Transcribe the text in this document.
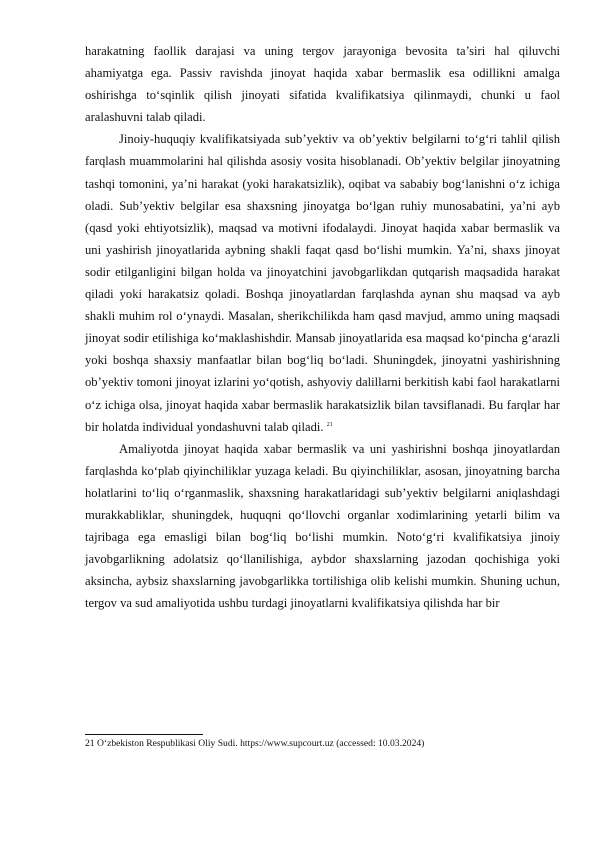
harakatning faollik darajasi va uning tergov jarayoniga bevosita ta’siri hal qiluvchi ahamiyatga ega. Passiv ravishda jinoyat haqida xabar bermaslik esa odillikni amalga oshirishga to‘sqinlik qilish jinoyati sifatida kvalifikatsiya qilinmaydi, chunki u faol aralashuvni talab qiladi.

Jinoiy-huquqiy kvalifikatsiyada sub’yektiv va ob’yektiv belgilarni to‘g‘ri tahlil qilish farqlash muammolarini hal qilishda asosiy vosita hisoblanadi. Ob’yektiv belgilar jinoyatning tashqi tomonini, ya’ni harakat (yoki harakatsizlik), oqibat va sababiy bog‘lanishni o‘z ichiga oladi. Sub’yektiv belgilar esa shaxsning jinoyatga bo‘lgan ruhiy munosabatini, ya’ni ayb (qasd yoki ehtiyotsizlik), maqsad va motivni ifodalaydi. Jinoyat haqida xabar bermaslik va uni yashirish jinoyatlarida aybning shakli faqat qasd bo‘lishi mumkin. Ya’ni, shaxs jinoyat sodir etilganligini bilgan holda va jinoyatchini javobgarlikdan qutqarish maqsadida harakat qiladi yoki harakatsiz qoladi. Boshqa jinoyatlardan farqlashda aynan shu maqsad va ayb shakli muhim rol o‘ynaydi. Masalan, sherikchilikda ham qasd mavjud, ammo uning maqsadi jinoyat sodir etilishiga ko‘maklashishdir. Mansab jinoyatlarida esa maqsad ko‘pincha g‘arazli yoki boshqa shaxsiy manfaatlar bilan bog‘liq bo‘ladi. Shuningdek, jinoyatni yashirishning ob’yektiv tomoni jinoyat izlarini yo‘qotish, ashyoviy dalillarni berkitish kabi faol harakatlarni o‘z ichiga olsa, jinoyat haqida xabar bermaslik harakatsizlik bilan tavsiflanadi. Bu farqlar har bir holatda individual yondashuvni talab qiladi. $^{21}$

Amaliyotda jinoyat haqida xabar bermaslik va uni yashirishni boshqa jinoyatlardan farqlashda ko‘plab qiyinchiliklar yuzaga keladi. Bu qiyinchiliklar, asosan, jinoyatning barcha holatlarini to‘liq o‘rganmaslik, shaxsning harakatlaridagi sub’yektiv belgilarni aniqlashdagi murakkabliklar, shuningdek, huquqni qo‘llovchi organlar xodimlarining yetarli bilim va tajribaga ega emasligi bilan bog‘liq bo‘lishi mumkin. Noto‘g‘ri kvalifikatsiya jinoiy javobgarlikning adolatsiz qo‘llanilishiga, aybdor shaxslarning jazodan qochishiga yoki aksincha, aybsiz shaxslarning javobgarlikka tortilishiga olib kelishi mumkin. Shuning uchun, tergov va sud amaliyotida ushbu turdagi jinoyatlarni kvalifikatsiya qilishda har bir

21 O‘zbekiston Respublikasi Oliy Sudi. https://www.supcourt.uz (accessed: 10.03.2024)
